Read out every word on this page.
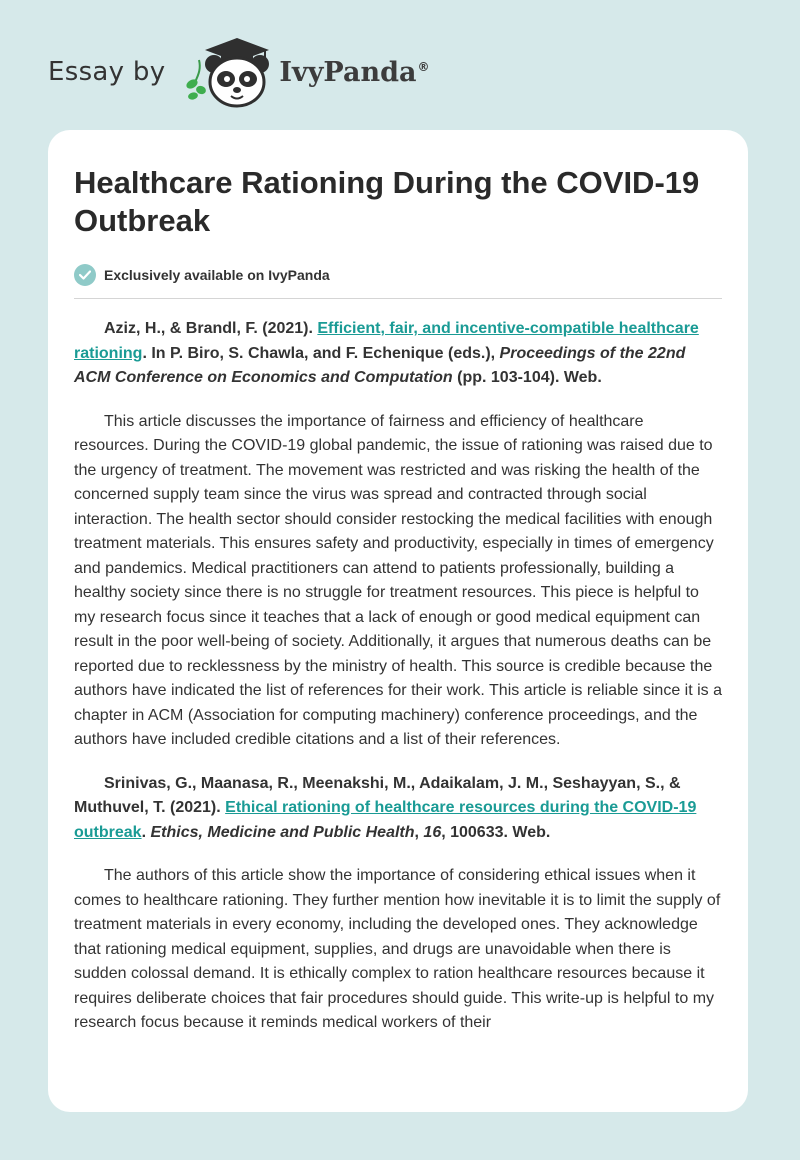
Essay by	IvyPanda®
Healthcare Rationing During the COVID-19 Outbreak
Exclusively available on IvyPanda

Aziz, H., & Brandl, F. (2021). Efficient, fair, and incentive-compatible healthcare rationing. In P. Biro, S. Chawla, and F. Echenique (eds.), Proceedings of the 22nd ACM Conference on Economics and Computation (pp. 103-104). Web.

This article discusses the importance of fairness and efficiency of healthcare resources. During the COVID-19 global pandemic, the issue of rationing was raised due to the urgency of treatment. The movement was restricted and was risking the health of the concerned supply team since the virus was spread and contracted through social interaction. The health sector should consider restocking the medical facilities with enough treatment materials. This ensures safety and productivity, especially in times of emergency and pandemics. Medical practitioners can attend to patients professionally, building a healthy society since there is no struggle for treatment resources. This piece is helpful to my research focus since it teaches that a lack of enough or good medical equipment can result in the poor well-being of society. Additionally, it argues that numerous deaths can be reported due to recklessness by the ministry of health. This source is credible because the authors have indicated the list of references for their work. This article is reliable since it is a chapter in ACM (Association for computing machinery) conference proceedings, and the authors have included credible citations and a list of their references.

Srinivas, G., Maanasa, R., Meenakshi, M., Adaikalam, J. M., Seshayyan, S., & Muthuvel, T. (2021). Ethical rationing of healthcare resources during the COVID-19 outbreak. Ethics, Medicine and Public Health, 16, 100633. Web.

The authors of this article show the importance of considering ethical issues when it comes to healthcare rationing. They further mention how inevitable it is to limit the supply of treatment materials in every economy, including the developed ones. They acknowledge that rationing medical equipment, supplies, and drugs are unavoidable when there is sudden colossal demand. It is ethically complex to ration healthcare resources because it requires deliberate choices that fair procedures should guide. This write-up is helpful to my research focus because it reminds medical workers of their
